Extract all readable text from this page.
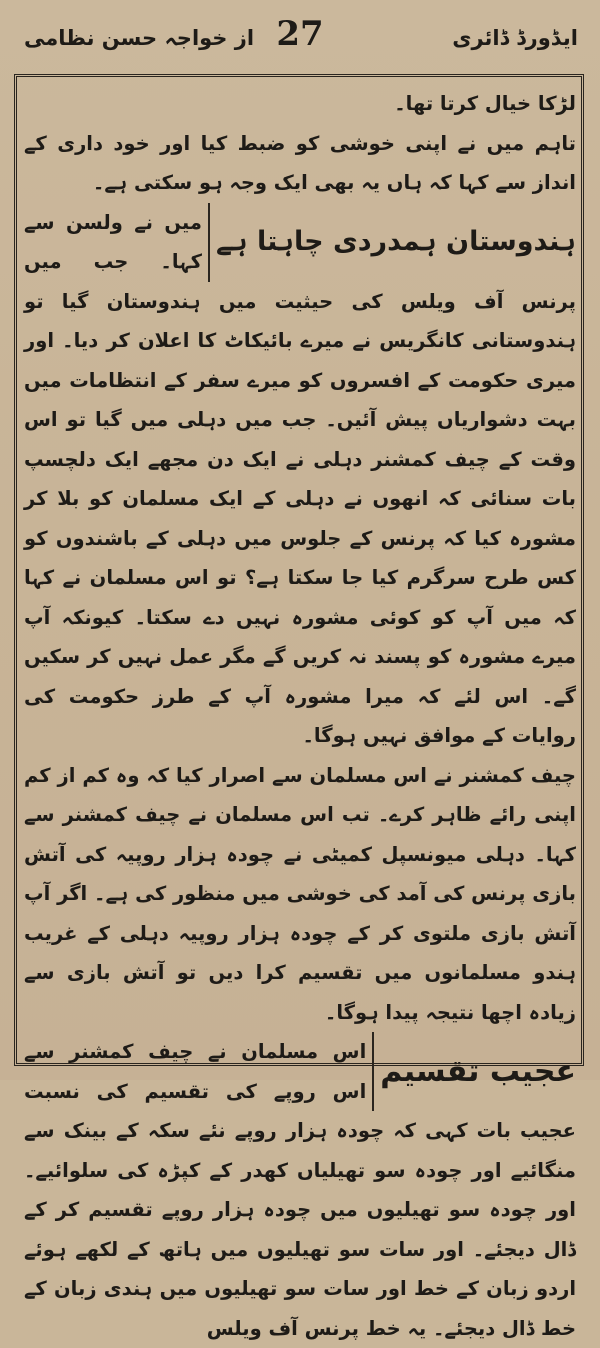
ایڈورڈ ڈائری
27
از خواجہ حسن نظامی

لڑکا خیال کرتا تھا۔

تاہم میں نے اپنی خوشی کو ضبط کیا اور خود داری کے انداز سے کہا کہ ہاں یہ بھی ایک وجہ ہو سکتی ہے۔

ہندوستان ہمدردی چاہتا ہے

میں نے ولسن سے کہا۔ جب میں پرنس آف ویلس کی حیثیت میں ہندوستان گیا تو ہندوستانی کانگریس نے میرے بائیکاٹ کا اعلان کر دیا۔ اور میری حکومت کے افسروں کو میرے سفر کے انتظامات میں بہت دشواریاں پیش آئیں۔ جب میں دہلی میں گیا تو اس وقت کے چیف کمشنر دہلی نے ایک دن مجھے ایک دلچسپ بات سنائی کہ انھوں نے دہلی کے ایک مسلمان کو بلا کر مشورہ کیا کہ پرنس کے جلوس میں دہلی کے باشندوں کو کس طرح سرگرم کیا جا سکتا ہے؟ تو اس مسلمان نے کہا کہ میں آپ کو کوئی مشورہ نہیں دے سکتا۔ کیونکہ آپ میرے مشورہ کو پسند نہ کریں گے مگر عمل نہیں کر سکیں گے۔ اس لئے کہ میرا مشورہ آپ کے طرز حکومت کی روایات کے موافق نہیں ہوگا۔

چیف کمشنر نے اس مسلمان سے اصرار کیا کہ وہ کم از کم اپنی رائے ظاہر کرے۔ تب اس مسلمان نے چیف کمشنر سے کہا۔ دہلی میونسپل کمیٹی نے چودہ ہزار روپیہ کی آتش بازی پرنس کی آمد کی خوشی میں منظور کی ہے۔ اگر آپ آتش بازی ملتوی کر کے چودہ ہزار روپیہ دہلی کے غریب ہندو مسلمانوں میں تقسیم کرا دیں تو آتش بازی سے زیادہ اچھا نتیجہ پیدا ہوگا۔

عجیب تقسیم

اس مسلمان نے چیف کمشنر سے اس روپے کی تقسیم کی نسبت عجیب بات کہی کہ چودہ ہزار روپے نئے سکہ کے بینک سے منگائیے اور چودہ سو تھیلیاں کھدر کے کپڑہ کی سلوائیے۔ اور چودہ سو تھیلیوں میں چودہ ہزار روپے تقسیم کر کے ڈال دیجئے۔ اور سات سو تھیلیوں میں ہاتھ کے لکھے ہوئے اردو زبان کے خط اور سات سو تھیلیوں میں ہندی زبان کے خط ڈال دیجئے۔ یہ خط پرنس آف ویلس
